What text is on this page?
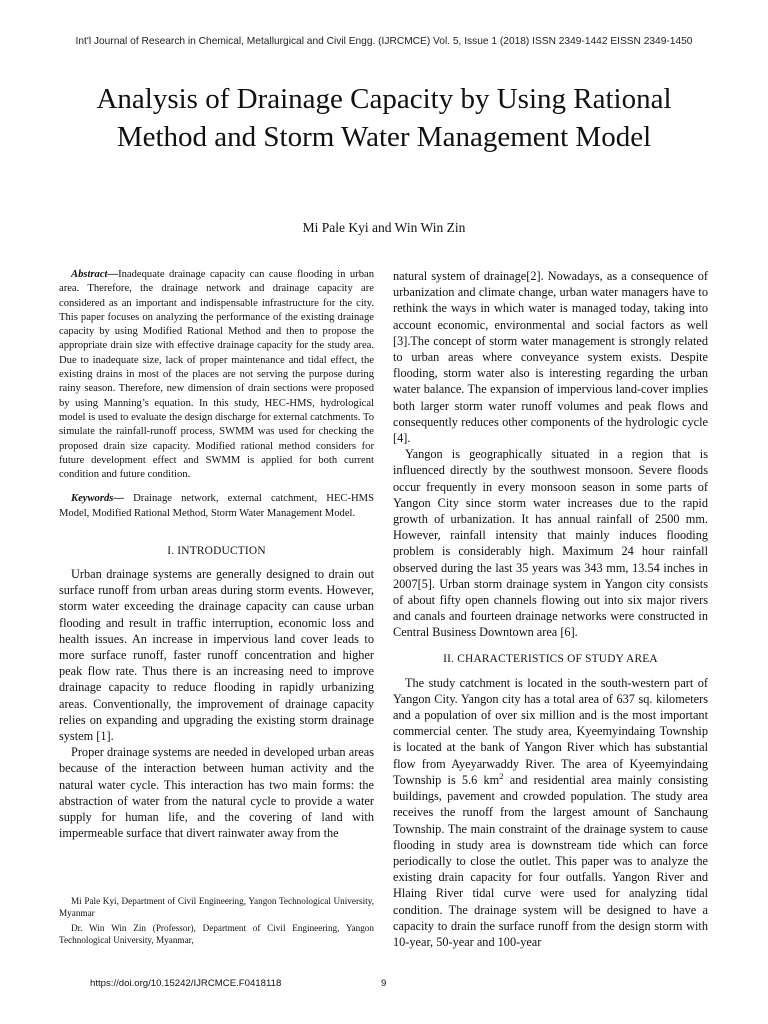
Int'l Journal of Research in Chemical, Metallurgical and Civil Engg. (IJRCMCE) Vol. 5, Issue 1 (2018) ISSN 2349-1442 EISSN 2349-1450
Analysis of Drainage Capacity by Using Rational Method and Storm Water Management Model
Mi Pale Kyi and Win Win Zin

Abstract—Inadequate drainage capacity can cause flooding in urban area. Therefore, the drainage network and drainage capacity are considered as an important and indispensable infrastructure for the city. This paper focuses on analyzing the performance of the existing drainage capacity by using Modified Rational Method and then to propose the appropriate drain size with effective drainage capacity for the study area. Due to inadequate size, lack of proper maintenance and tidal effect, the existing drains in most of the places are not serving the purpose during rainy season. Therefore, new dimension of drain sections were proposed by using Manning’s equation. In this study, HEC-HMS, hydrological model is used to evaluate the design discharge for external catchments. To simulate the rainfall-runoff process, SWMM was used for checking the proposed drain size capacity. Modified rational method considers for future development effect and SWMM is applied for both current condition and future condition.

Keywords— Drainage network, external catchment, HEC-HMS Model, Modified Rational Method, Storm Water Management Model.

I. INTRODUCTION

Urban drainage systems are generally designed to drain out surface runoff from urban areas during storm events. However, storm water exceeding the drainage capacity can cause urban flooding and result in traffic interruption, economic loss and health issues. An increase in impervious land cover leads to more surface runoff, faster runoff concentration and higher peak flow rate. Thus there is an increasing need to improve drainage capacity to reduce flooding in rapidly urbanizing areas. Conventionally, the improvement of drainage capacity relies on expanding and upgrading the existing storm drainage system [1].

Proper drainage systems are needed in developed urban areas because of the interaction between human activity and the natural water cycle. This interaction has two main forms: the abstraction of water from the natural cycle to provide a water supply for human life, and the covering of land with impermeable surface that divert rainwater away from the

natural system of drainage[2]. Nowadays, as a consequence of urbanization and climate change, urban water managers have to rethink the ways in which water is managed today, taking into account economic, environmental and social factors as well [3].The concept of storm water management is strongly related to urban areas where conveyance system exists. Despite flooding, storm water also is interesting regarding the urban water balance. The expansion of impervious land-cover implies both larger storm water runoff volumes and peak flows and consequently reduces other components of the hydrologic cycle [4].

Yangon is geographically situated in a region that is influenced directly by the southwest monsoon. Severe floods occur frequently in every monsoon season in some parts of Yangon City since storm water increases due to the rapid growth of urbanization. It has annual rainfall of 2500 mm. However, rainfall intensity that mainly induces flooding problem is considerably high. Maximum 24 hour rainfall observed during the last 35 years was 343 mm, 13.54 inches in 2007[5]. Urban storm drainage system in Yangon city consists of about fifty open channels flowing out into six major rivers and canals and fourteen drainage networks were constructed in Central Business Downtown area [6].

II. CHARACTERISTICS OF STUDY AREA

The study catchment is located in the south-western part of Yangon City. Yangon city has a total area of 637 sq. kilometers and a population of over six million and is the most important commercial center. The study area, Kyeemyindaing Township is located at the bank of Yangon River which has substantial flow from Ayeyarwaddy River. The area of Kyeemyindaing Township is 5.6 $km^2$ and residential area mainly consisting buildings, pavement and crowded population. The study area receives the runoff from the largest amount of Sanchaung Township. The main constraint of the drainage system to cause flooding in study area is downstream tide which can force periodically to close the outlet. This paper was to analyze the existing drain capacity for four outfalls. Yangon River and Hlaing River tidal curve were used for analyzing tidal condition. The drainage system will be designed to have a capacity to drain the surface runoff from the design storm with 10-year, 50-year and 100-year

Mi Pale Kyi, Department of Civil Engineering, Yangon Technological University, Myanmar

Dr. Win Win Zin (Professor), Department of Civil Engineering, Yangon Technological University, Myanmar,

https://doi.org/10.15242/IJRCMCE.F0418118	9
